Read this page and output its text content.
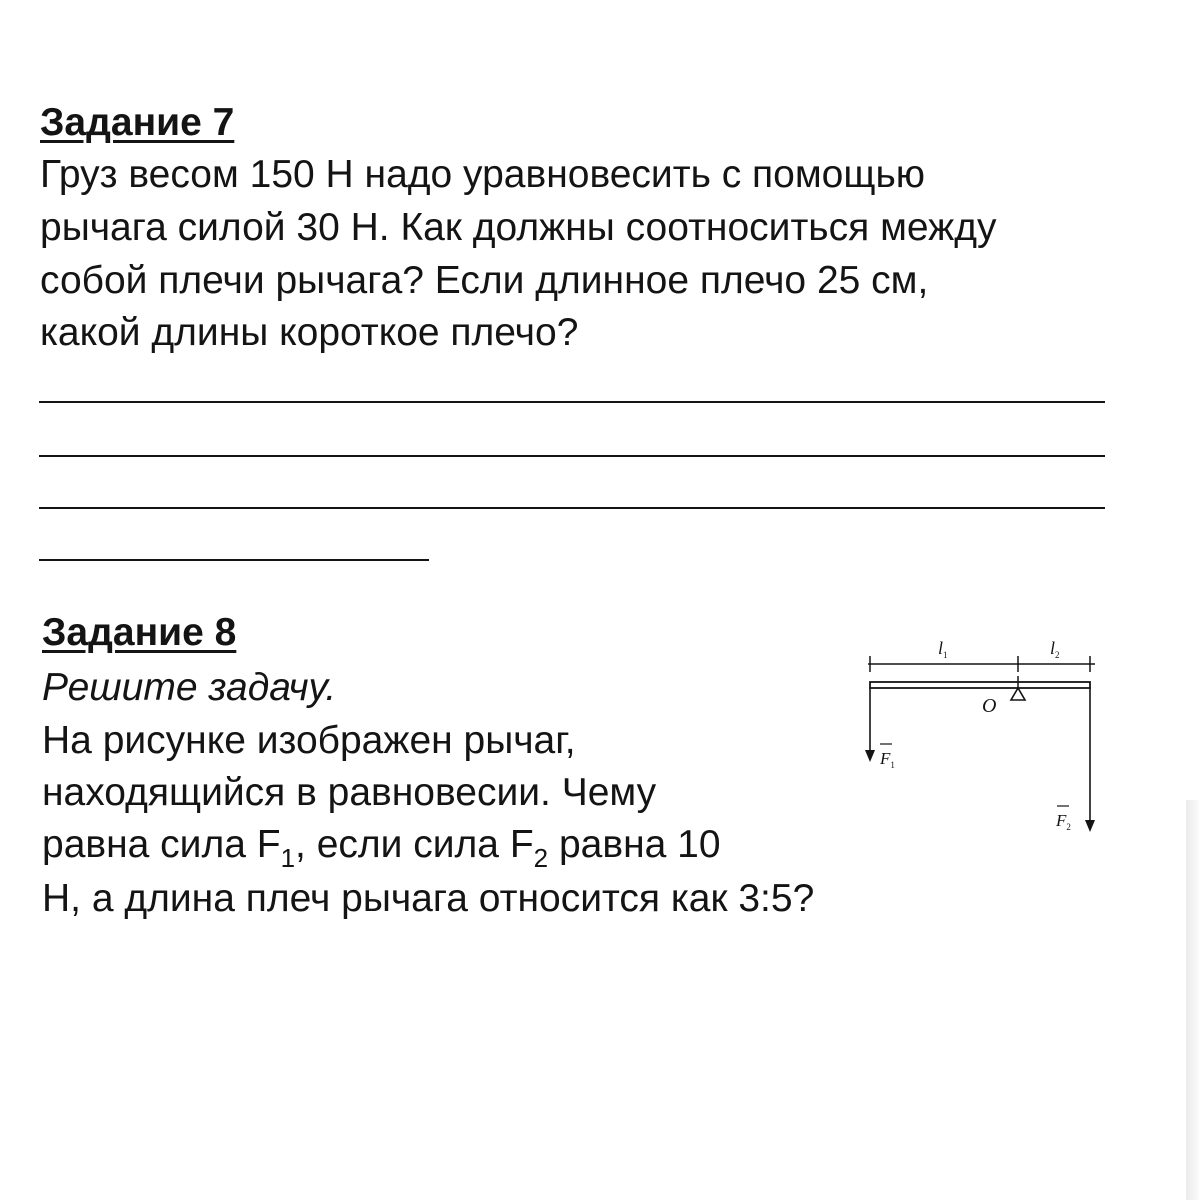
Задание 7

Груз весом 150 Н надо уравновесить с помощью

рычага силой 30 Н. Как должны соотноситься между

собой плечи рычага? Если длинное плечо 25 см,

какой длины короткое плечо?

Задание 8

Решите задачу.

На рисунке изображен рычаг,

находящийся в равновесии. Чему

равна сила $F_1$, если сила $F_2$ равна 10

Н, а длина плеч рычага относится как 3:5?

$l_1$	$l_2$
O
$F_1$
$F_2$
